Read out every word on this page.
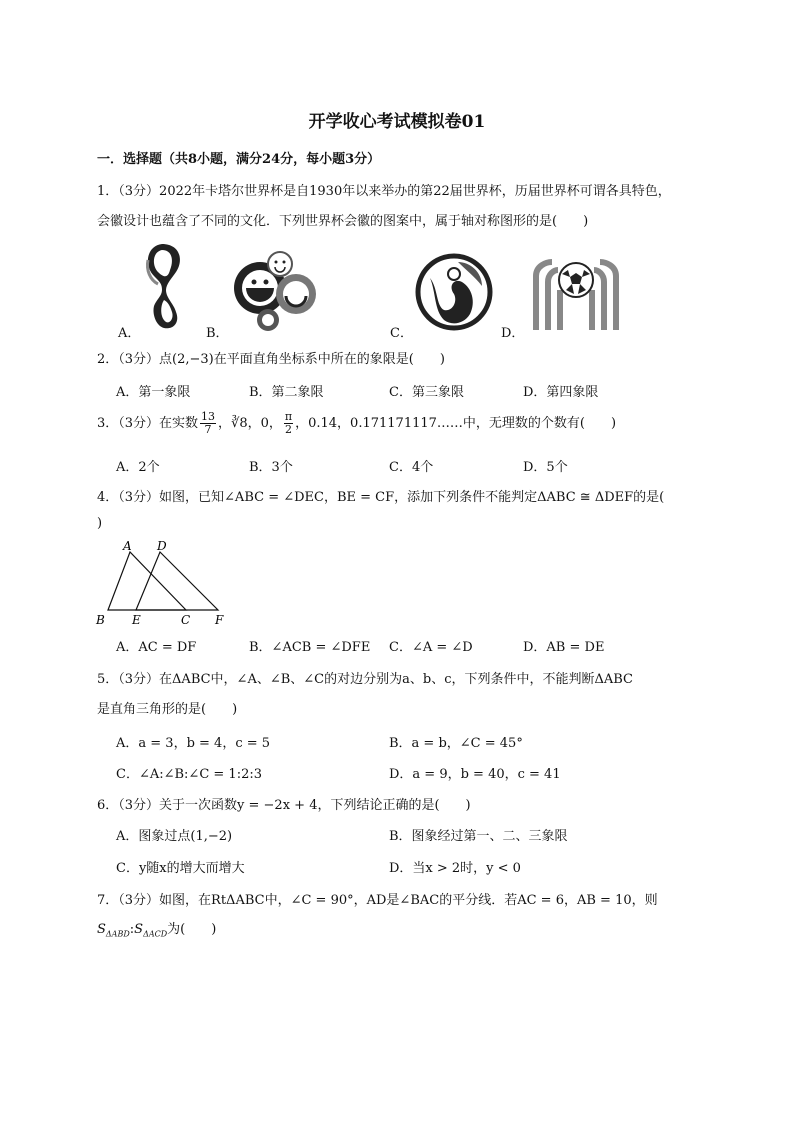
开学收心考试模拟卷01
一．选择题（共8小题，满分24分，每小题3分）
1．（3分）2022年卡塔尔世界杯是自1930年以来举办的第22届世界杯，历届世界杯可谓各具特色，
会徽设计也蕴含了不同的文化．下列世界杯会徽的图案中，属于轴对称图形的是(　　)
A．	B．	C．	D．
2．（3分）点(2,−3)在平面直角坐标系中所在的象限是(　　)
A．第一象限	B．第二象限	C．第三象限	D．第四象限
3．（3分）在实数 $\frac{13}{7}$ ，∛8，0， $\frac{\pi}{2}$ ，0.14，0.171171117……中，无理数的个数有(　　)
A．2个	B．3个	C．4个	D．5个
4．（3分）如图，已知∠ABC = ∠DEC，BE = CF，添加下列条件不能判定ΔABC ≅ ΔDEF的是(
)
A D
B E	C F
A．AC = DF	B．∠ACB = ∠DFE C．∠A = ∠D	D．AB = DE
5．（3分）在ΔABC中，∠A、∠B、∠C的对边分别为a、b、c，下列条件中，不能判断ΔABC
是直角三角形的是(　　)
A．a = 3，b = 4，c = 5	B．a = b，∠C = 45°
C．∠A:∠B:∠C = 1:2:3	D．a = 9，b = 40，c = 41
6．（3分）关于一次函数y = −2x + 4，下列结论正确的是(　　)
A．图象过点(1,−2)	B．图象经过第一、二、三象限
C．y随x的增大而增大	D．当x > 2时，y < 0
7．（3分）如图，在RtΔABC中，∠C = 90°，AD是∠BAC的平分线．若AC = 6，AB = 10，则
$S_{\Delta ABD}:S_{\Delta ACD}$为(　　)
